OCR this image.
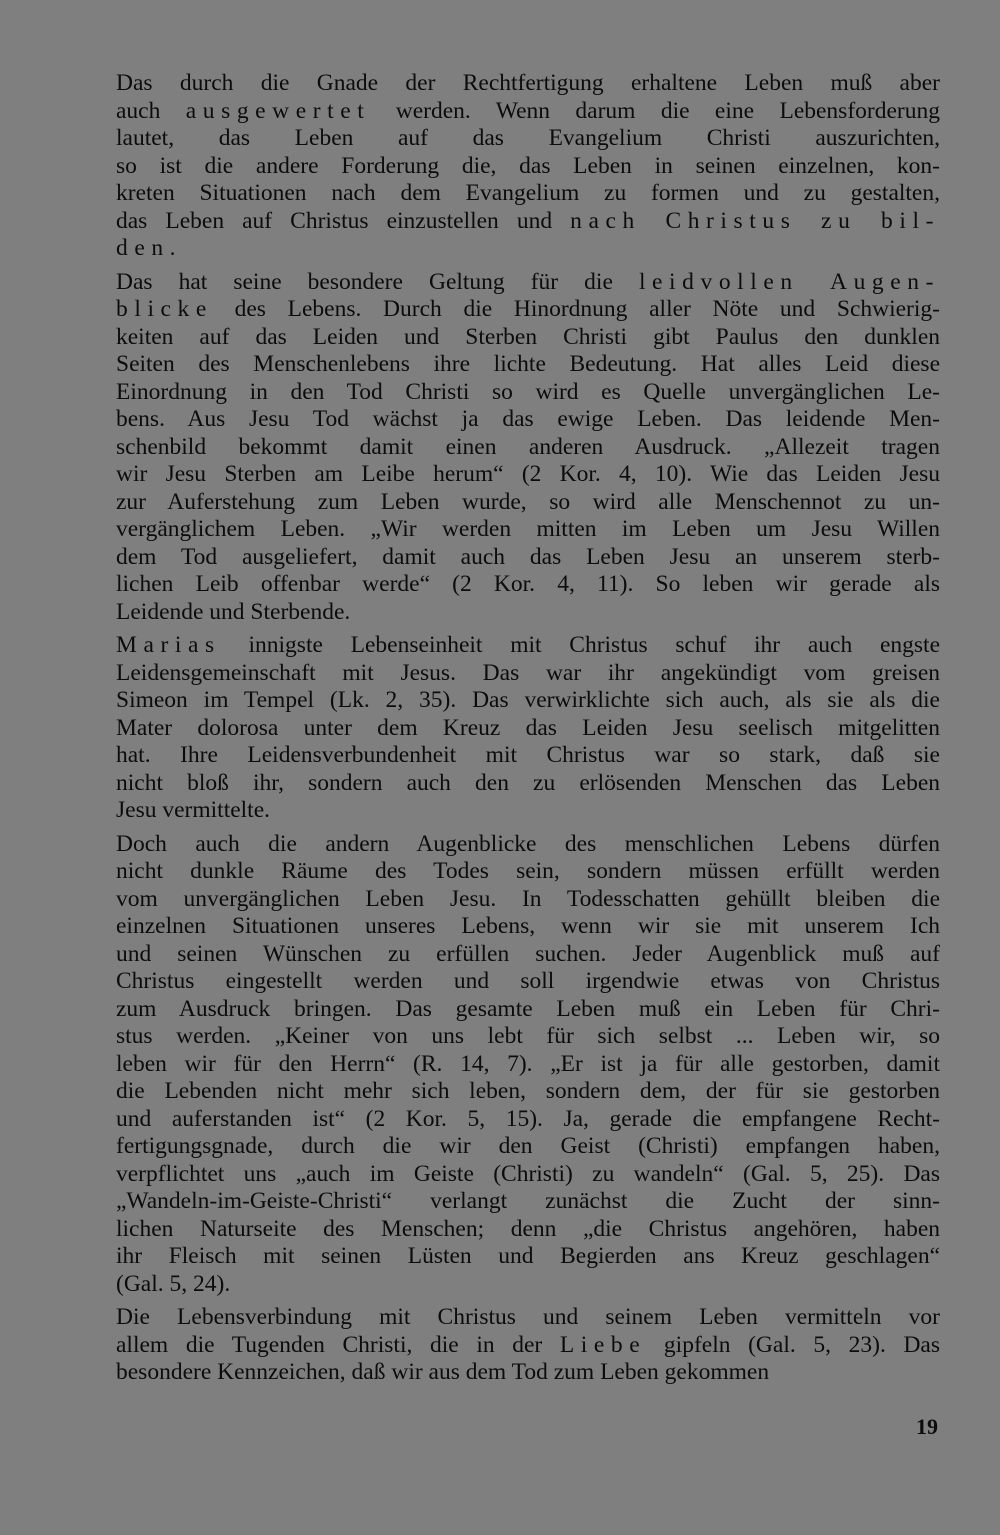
Das durch die Gnade der Rechtfertigung erhaltene Leben muß aber
auch ausgewertet werden. Wenn darum die eine Lebensforderung
lautet, das Leben auf das Evangelium Christi auszurichten,
so ist die andere Forderung die, das Leben in seinen einzelnen, kon-
kreten Situationen nach dem Evangelium zu formen und zu gestalten,
das Leben auf Christus einzustellen und nach Christus zu bil-
den.
Das hat seine besondere Geltung für die leidvollen Augen-
blicke des Lebens. Durch die Hinordnung aller Nöte und Schwierig-
keiten auf das Leiden und Sterben Christi gibt Paulus den dunklen
Seiten des Menschenlebens ihre lichte Bedeutung. Hat alles Leid diese
Einordnung in den Tod Christi so wird es Quelle unvergänglichen Le-
bens. Aus Jesu Tod wächst ja das ewige Leben. Das leidende Men-
schenbild bekommt damit einen anderen Ausdruck. „Allezeit tragen
wir Jesu Sterben am Leibe herum“ (2 Kor. 4, 10). Wie das Leiden Jesu
zur Auferstehung zum Leben wurde, so wird alle Menschennot zu un-
vergänglichem Leben. „Wir werden mitten im Leben um Jesu Willen
dem Tod ausgeliefert, damit auch das Leben Jesu an unserem sterb-
lichen Leib offenbar werde“ (2 Kor. 4, 11). So leben wir gerade als
Leidende und Sterbende.
Marias innigste Lebenseinheit mit Christus schuf ihr auch engste
Leidensgemeinschaft mit Jesus. Das war ihr angekündigt vom greisen
Simeon im Tempel (Lk. 2, 35). Das verwirklichte sich auch, als sie als die
Mater dolorosa unter dem Kreuz das Leiden Jesu seelisch mitgelitten
hat. Ihre Leidensverbundenheit mit Christus war so stark, daß sie
nicht bloß ihr, sondern auch den zu erlösenden Menschen das Leben
Jesu vermittelte.
Doch auch die andern Augenblicke des menschlichen Lebens dürfen
nicht dunkle Räume des Todes sein, sondern müssen erfüllt werden
vom unvergänglichen Leben Jesu. In Todesschatten gehüllt bleiben die
einzelnen Situationen unseres Lebens, wenn wir sie mit unserem Ich
und seinen Wünschen zu erfüllen suchen. Jeder Augenblick muß auf
Christus eingestellt werden und soll irgendwie etwas von Christus
zum Ausdruck bringen. Das gesamte Leben muß ein Leben für Chri-
stus werden. „Keiner von uns lebt für sich selbst ... Leben wir, so
leben wir für den Herrn“ (R. 14, 7). „Er ist ja für alle gestorben, damit
die Lebenden nicht mehr sich leben, sondern dem, der für sie gestorben
und auferstanden ist“ (2 Kor. 5, 15). Ja, gerade die empfangene Recht-
fertigungsgnade, durch die wir den Geist (Christi) empfangen haben,
verpflichtet uns „auch im Geiste (Christi) zu wandeln“ (Gal. 5, 25). Das
„Wandeln-im-Geiste-Christi“ verlangt zunächst die Zucht der sinn-
lichen Naturseite des Menschen; denn „die Christus angehören, haben
ihr Fleisch mit seinen Lüsten und Begierden ans Kreuz geschlagen“
(Gal. 5, 24).
Die Lebensverbindung mit Christus und seinem Leben vermitteln vor
allem die Tugenden Christi, die in der Liebe gipfeln (Gal. 5, 23). Das
besondere Kennzeichen, daß wir aus dem Tod zum Leben gekommen
19
